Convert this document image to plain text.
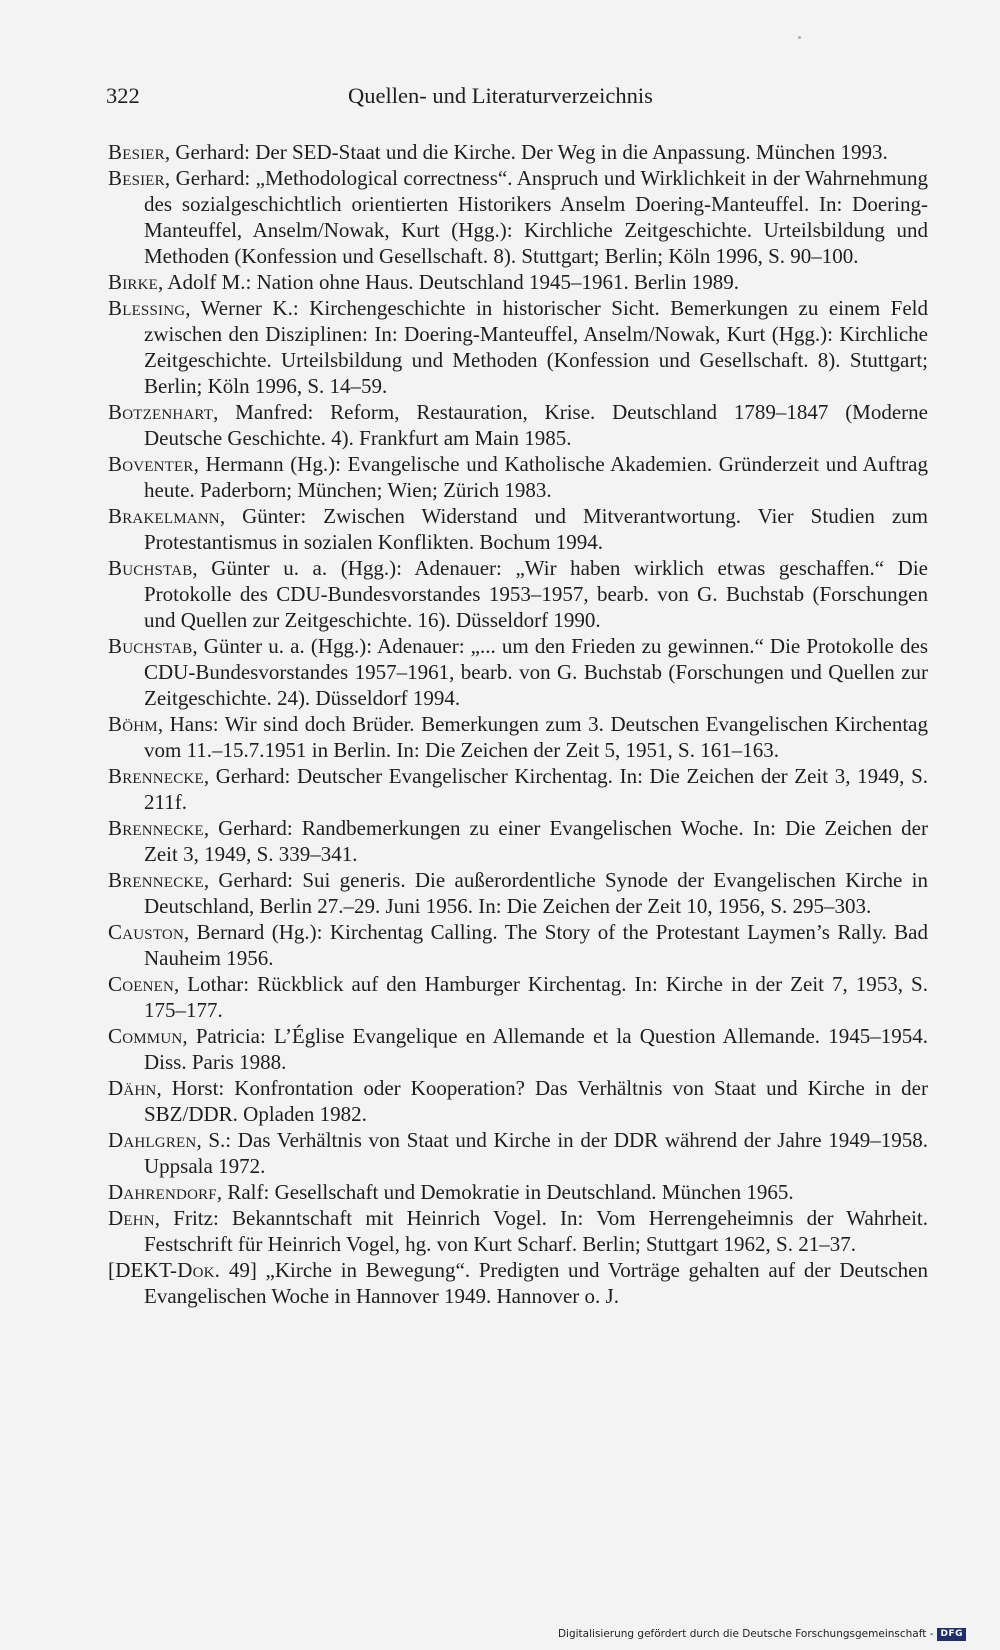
322	Quellen- und Literaturverzeichnis
Besier, Gerhard: Der SED-Staat und die Kirche. Der Weg in die Anpassung. München 1993.
Besier, Gerhard: „Methodological correctness“. Anspruch und Wirklichkeit in der Wahrnehmung des sozialgeschichtlich orientierten Historikers Anselm Doering-Manteuffel. In: Doering-Manteuffel, Anselm/Nowak, Kurt (Hgg.): Kirchliche Zeitgeschichte. Urteilsbildung und Methoden (Konfession und Gesellschaft. 8). Stuttgart; Berlin; Köln 1996, S. 90–100.
Birke, Adolf M.: Nation ohne Haus. Deutschland 1945–1961. Berlin 1989.
Blessing, Werner K.: Kirchengeschichte in historischer Sicht. Bemerkungen zu einem Feld zwischen den Disziplinen: In: Doering-Manteuffel, Anselm/Nowak, Kurt (Hgg.): Kirchliche Zeitgeschichte. Urteilsbildung und Methoden (Konfession und Gesellschaft. 8). Stuttgart; Berlin; Köln 1996, S. 14–59.
Botzenhart, Manfred: Reform, Restauration, Krise. Deutschland 1789–1847 (Moderne Deutsche Geschichte. 4). Frankfurt am Main 1985.
Boventer, Hermann (Hg.): Evangelische und Katholische Akademien. Gründerzeit und Auftrag heute. Paderborn; München; Wien; Zürich 1983.
Brakelmann, Günter: Zwischen Widerstand und Mitverantwortung. Vier Studien zum Protestantismus in sozialen Konflikten. Bochum 1994.
Buchstab, Günter u. a. (Hgg.): Adenauer: „Wir haben wirklich etwas geschaffen.“ Die Protokolle des CDU-Bundesvorstandes 1953–1957, bearb. von G. Buchstab (Forschungen und Quellen zur Zeitgeschichte. 16). Düsseldorf 1990.
Buchstab, Günter u. a. (Hgg.): Adenauer: „... um den Frieden zu gewinnen.“ Die Protokolle des CDU-Bundesvorstandes 1957–1961, bearb. von G. Buchstab (Forschungen und Quellen zur Zeitgeschichte. 24). Düsseldorf 1994.
Böhm, Hans: Wir sind doch Brüder. Bemerkungen zum 3. Deutschen Evangelischen Kirchentag vom 11.–15.7.1951 in Berlin. In: Die Zeichen der Zeit 5, 1951, S. 161–163.
Brennecke, Gerhard: Deutscher Evangelischer Kirchentag. In: Die Zeichen der Zeit 3, 1949, S. 211f.
Brennecke, Gerhard: Randbemerkungen zu einer Evangelischen Woche. In: Die Zeichen der Zeit 3, 1949, S. 339–341.
Brennecke, Gerhard: Sui generis. Die außerordentliche Synode der Evangelischen Kirche in Deutschland, Berlin 27.–29. Juni 1956. In: Die Zeichen der Zeit 10, 1956, S. 295–303.
Causton, Bernard (Hg.): Kirchentag Calling. The Story of the Protestant Laymen’s Rally. Bad Nauheim 1956.
Coenen, Lothar: Rückblick auf den Hamburger Kirchentag. In: Kirche in der Zeit 7, 1953, S. 175–177.
Commun, Patricia: L’Église Evangelique en Allemande et la Question Allemande. 1945–1954. Diss. Paris 1988.
Dähn, Horst: Konfrontation oder Kooperation? Das Verhältnis von Staat und Kirche in der SBZ/DDR. Opladen 1982.
Dahlgren, S.: Das Verhältnis von Staat und Kirche in der DDR während der Jahre 1949–1958. Uppsala 1972.
Dahrendorf, Ralf: Gesellschaft und Demokratie in Deutschland. München 1965.
Dehn, Fritz: Bekanntschaft mit Heinrich Vogel. In: Vom Herrengeheimnis der Wahrheit. Festschrift für Heinrich Vogel, hg. von Kurt Scharf. Berlin; Stuttgart 1962, S. 21–37.
[DEKT-Dok. 49] „Kirche in Bewegung“. Predigten und Vorträge gehalten auf der Deutschen Evangelischen Woche in Hannover 1949. Hannover o. J.
Digitalisierung gefördert durch die Deutsche Forschungsgemeinschaft - DFG
